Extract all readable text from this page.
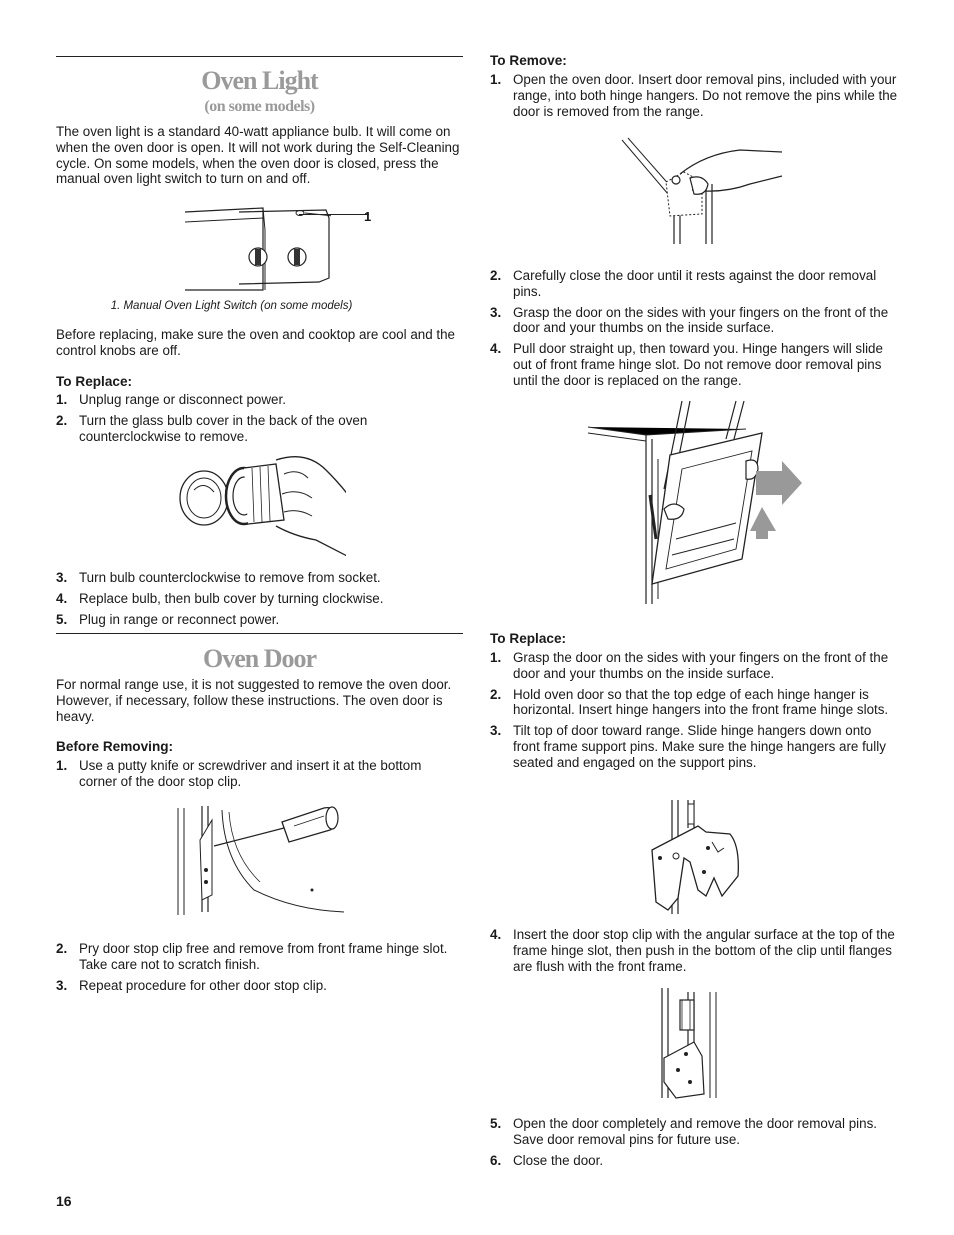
Oven Light
(on some models)

The oven light is a standard 40-watt appliance bulb. It will come on when the oven door is open. It will not work during the Self-Cleaning cycle. On some models, when the oven door is closed, press the manual oven light switch to turn on and off.

1
1. Manual Oven Light Switch (on some models)

Before replacing, make sure the oven and cooktop are cool and the control knobs are off.

To Replace:
1. Unplug range or disconnect power.
2. Turn the glass bulb cover in the back of the oven counterclockwise to remove.
3. Turn bulb counterclockwise to remove from socket.
4. Replace bulb, then bulb cover by turning clockwise.
5. Plug in range or reconnect power.
Oven Door

For normal range use, it is not suggested to remove the oven door. However, if necessary, follow these instructions. The oven door is heavy.

Before Removing:
1. Use a putty knife or screwdriver and insert it at the bottom corner of the door stop clip.
2. Pry door stop clip free and remove from front frame hinge slot. Take care not to scratch finish.
3. Repeat procedure for other door stop clip.
To Remove:
1. Open the oven door. Insert door removal pins, included with your range, into both hinge hangers. Do not remove the pins while the door is removed from the range.
2. Carefully close the door until it rests against the door removal pins.
3. Grasp the door on the sides with your fingers on the front of the door and your thumbs on the inside surface.
4. Pull door straight up, then toward you. Hinge hangers will slide out of front frame hinge slot. Do not remove door removal pins until the door is replaced on the range.
To Replace:
1. Grasp the door on the sides with your fingers on the front of the door and your thumbs on the inside surface.
2. Hold oven door so that the top edge of each hinge hanger is horizontal. Insert hinge hangers into the front frame hinge slots.
3. Tilt top of door toward range. Slide hinge hangers down onto front frame support pins. Make sure the hinge hangers are fully seated and engaged on the support pins.
4. Insert the door stop clip with the angular surface at the top of the frame hinge slot, then push in the bottom of the clip until flanges are flush with the front frame.
5. Open the door completely and remove the door removal pins. Save door removal pins for future use.
6. Close the door.
16
